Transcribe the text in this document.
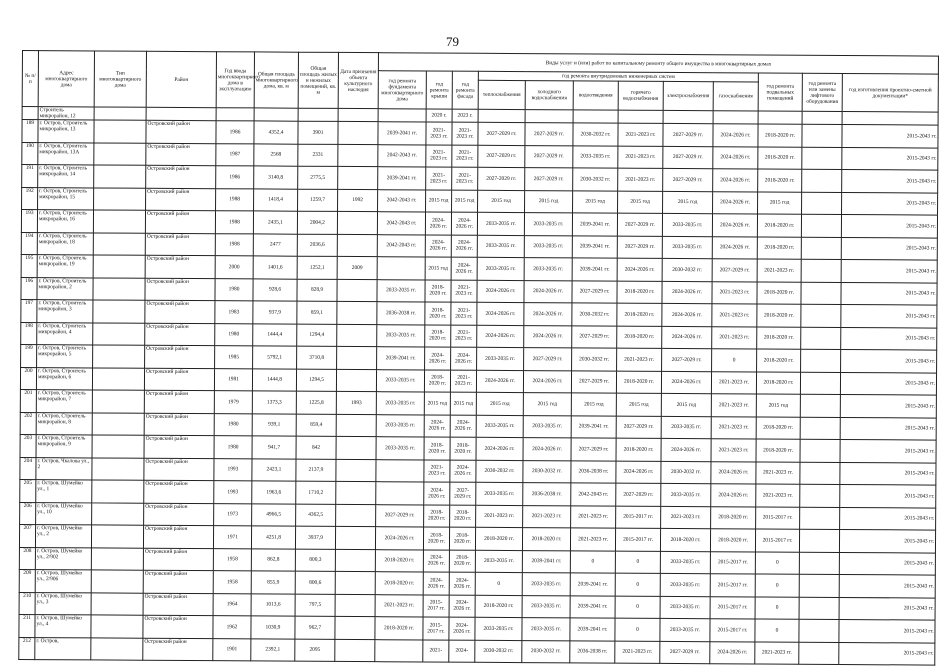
79
№ п/п	Адрес многоквартирного дома	Тип многоквартирного дома	Район	Год ввода многоквартирного дома в эксплуатацию	Общая площадь многоквартирного дома, кв. м	Общая площадь жилых и нежилых помещений, кв. м	Дата признания объекта культурного наследия	Виды услуг и (или) работ по капитальному ремонту общего имущества в многоквартирных домах											
								год ремонта фундамента многоквартирного дома	год ремонта крыши	год ремонта фасада	год ремонта внутридомовых инженерных систем						год ремонта подвальных помещений	год ремонта или замены лифтового оборудования	год изготовления проектно-сметной документации*
											теплоснабжения	холодного водоснабжения	водоотведения	горячего водоснабжения	электроснабжения	газоснабжения			
	Строитель микрорайон, 12								2020 г.	2023 г.									
189	г. Остров, Строитель микрорайон, 13		Островский район	1986	4352,4	3901		2039-2041 гг.	2021-2023 гг.	2021-2023 гг.	2027-2029 гг.	2027-2029 гг.	2030-2032 гг.	2021-2023 гг.	2027-2029 гг.	2024-2026 гг.	2018-2020 гг.		2015-2043 гг.
190	г. Остров, Строитель микрорайон, 13А		Островский район	1987	2568	2331		2042-2043 гг.	2021-2023 гг.	2021-2023 гг.	2027-2029 гг.	2027-2029 гг.	2033-2035 гг.	2021-2023 гг.	2027-2029 гг.	2024-2026 гг.	2018-2020 гг.		2015-2043 гг.
191	г. Остров, Строитель микрорайон, 14		Островский район	1986	3140,8	2775,5		2039-2041 гг.	2021-2023 гг.	2021-2023 гг.	2027-2029 гг.	2027-2029 гг.	2030-2032 гг.	2021-2023 гг.	2027-2029 гг.	2024-2026 гг.	2018-2020 гг.		2015-2043 гг.
192	г. Остров, Строитель микрорайон, 15		Островский район	1988	1418,4	1259,7	1992	2042-2043 гг.	2015 год	2015 год	2015 год	2015 год	2015 год	2015 год	2015 год	2024-2026 гг.	2015 год		2015-2043 гг.
193	г. Остров, Строитель микрорайон, 16		Островский район	1988	2435,1	2004,2		2042-2043 гг.	2024-2026 гг.	2024-2026 гг.	2033-2035 гг.	2033-2035 гг.	2039-2041 гг.	2027-2029 гг.	2033-2035 гг.	2024-2026 гг.	2018-2020 гг.		2015-2043 гг.
194	г. Остров, Строитель микрорайон, 18		Островский район	1988	2477	2036,6		2042-2043 гг.	2024-2026 гг.	2024-2026 гг.	2033-2035 гг.	2033-2035 гг.	2039-2041 гг.	2027-2029 гг.	2033-2035 гг.	2024-2026 гг.	2018-2020 гг.		2015-2043 гг.
195	г. Остров, Строитель микрорайон, 19		Островский район	2000	1401,6	1252,1	2009		2015 год	2024-2026 гг.	2033-2035 гг.	2033-2035 гг.	2039-2041 гг.	2024-2026 гг.	2030-2032 гг.	2027-2029 гг.	2021-2023 гг.		2015-2043 гг.
196	г. Остров, Строитель микрорайон, 2		Островский район	1980	928,6	828,9		2033-2035 гг.	2018-2020 гг.	2021-2023 гг.	2024-2026 гг.	2024-2026 гг.	2027-2029 гг.	2018-2020 гг.	2024-2026 гг.	2021-2023 гг.	2018-2020 гг.		2015-2043 гг.
197	г. Остров, Строитель микрорайон, 3		Островский район	1983	937,9	859,1		2036-2038 гг.	2018-2020 гг.	2021-2023 гг.	2024-2026 гг.	2024-2026 гг.	2030-2032 гг.	2018-2020 гг.	2024-2026 гг.	2021-2023 гг.	2018-2020 гг.		2015-2043 гг.
198	г. Остров, Строитель микрорайон, 4		Островский район	1980	1444,4	1294,4		2033-2035 гг.	2018-2020 гг.	2021-2023 гг.	2024-2026 гг.	2024-2026 гг.	2027-2029 гг.	2018-2020 гг.	2024-2026 гг.	2021-2023 гг.	2018-2020 гг.		2015-2043 гг.
199	г. Остров, Строитель микрорайон, 5		Островский район	1985	5792,1	3710,8		2039-2041 гг.	2024-2026 гг.	2024-2026 гг.	2033-2035 гг.	2027-2029 гг.	2030-2032 гг.	2021-2023 гг.	2027-2029 гг.	0	2018-2020 гг.		2015-2043 гг.
200	г. Остров, Строитель микрорайон, 6		Островский район	1981	1444,8	1294,5		2033-2035 гг.	2018-2020 гг.	2021-2023 гг.	2024-2026 гг.	2024-2026 гг.	2027-2029 гг.	2018-2020 гг.	2024-2026 гг.	2021-2023 гг.	2018-2020 гг.		2015-2043 гг.
201	г. Остров, Строитель микрорайон, 7		Островский район	1979	1373,3	1225,8	1993	2033-2035 гг.	2015 год	2015 год	2015 год	2015 год	2015 год	2015 год	2015 год	2021-2023 гг.	2015 год		2015-2043 гг.
202	г. Остров, Строитель микрорайон, 8		Островский район	1980	939,1	859,4		2033-2035 гг.	2024-2026 гг.	2024-2026 гг.	2033-2035 гг.	2033-2035 гг.	2039-2041 гг.	2027-2029 гг.	2033-2035 гг.	2021-2023 гг.	2018-2020 гг.		2015-2043 гг.
203	г. Остров, Строитель микрорайон, 9		Островский район	1980	941,7	842		2033-2035 гг.	2018-2020 гг.	2018-2020 гг.	2024-2026 гг.	2024-2026 гг.	2027-2029 гг.	2018-2020 гг.	2024-2026 гг.	2021-2023 гг.	2018-2020 гг.		2015-2043 гг.
204	г. Остров, Чкалова ул., 2		Островский район	1993	2423,1	2137,9			2021-2023 гг.	2024-2026 гг.	2030-2032 гг.	2030-2032 гг.	2036-2038 гг.	2024-2026 гг.	2030-2032 гг.	2024-2026 гг.	2021-2023 гг.		2015-2043 гг.
205	г. Остров, Шумейко ул., 1		Островский район	1993	1963,6	1710,2			2024-2026 гг.	2027-2029 гг.	2033-2035 гг.	2036-2038 гг.	2042-2043 гг.	2027-2029 гг.	2033-2035 гг.	2024-2026 гг.	2021-2023 гг.		2015-2043 гг.
206	г. Остров, Шумейко ул., 10		Островский район	1973	4966,5	4362,5		2027-2029 гг.	2018-2020 гг.	2018-2020 гг.	2021-2023 гг.	2021-2023 гг.	2021-2023 гг.	2015-2017 гг.	2021-2023 гг.	2018-2020 гг.	2015-2017 гг.		2015-2043 гг.
207	г. Остров, Шумейко ул., 2		Островский район	1971	4251,8	3937,9		2024-2026 гг.	2018-2020 гг.	2018-2020 гг.	2018-2020 гг.	2018-2020 гг.	2021-2023 гг.	2015-2017 гг.	2018-2020 гг.	2018-2020 гг.	2015-2017 гг.		2015-2043 гг.
208	г. Остров, Шумейко ул., 2/902		Островский район	1958	862,8	800,3		2018-2020 гг.	2024-2026 гг.	2018-2020 гг.	2033-2035 гг.	2039-2041 гг.	0	0	2033-2035 гг.	2015-2017 гг.	0		2015-2043 гг.
209	г. Остров, Шумейко ул., 2/906		Островский район	1958	855,9	800,6		2018-2020 гг.	2024-2026 гг.	2024-2026 гг.	0	2033-2035 гг.	2039-2041 гг.	0	2033-2035 гг.	2015-2017 гг.	0		2015-2043 гг.
210	г. Остров, Шумейко ул., 3		Островский район	1964	1013,6	797,5		2021-2023 гг.	2015-2017 гг.	2024-2026 гг.	2018-2020 гг.	2033-2035 гг.	2039-2041 гг.	0	2033-2035 гг.	2015-2017 гг.	0		2015-2043 гг.
211	г. Остров, Шумейко ул., 4		Островский район	1962	1030,9	962,7		2018-2020 гг.	2015-2017 гг.	2024-2026 гг.	2033-2035 гг.	2033-2035 гг.	2039-2041 гг.	0	2033-2035 гг.	2015-2017 гг.	0		2015-2043 гг.
212	г. Остров,		Островский район	1901	2392,1	2095			2021-	2024-	2030-2032 гг.	2030-2032 гг.	2036-2038 гг.	2021-2023 гг.	2027-2029 гг.	2024-2026 гг.	2021-2023 гг.		2015-2043 гг.
